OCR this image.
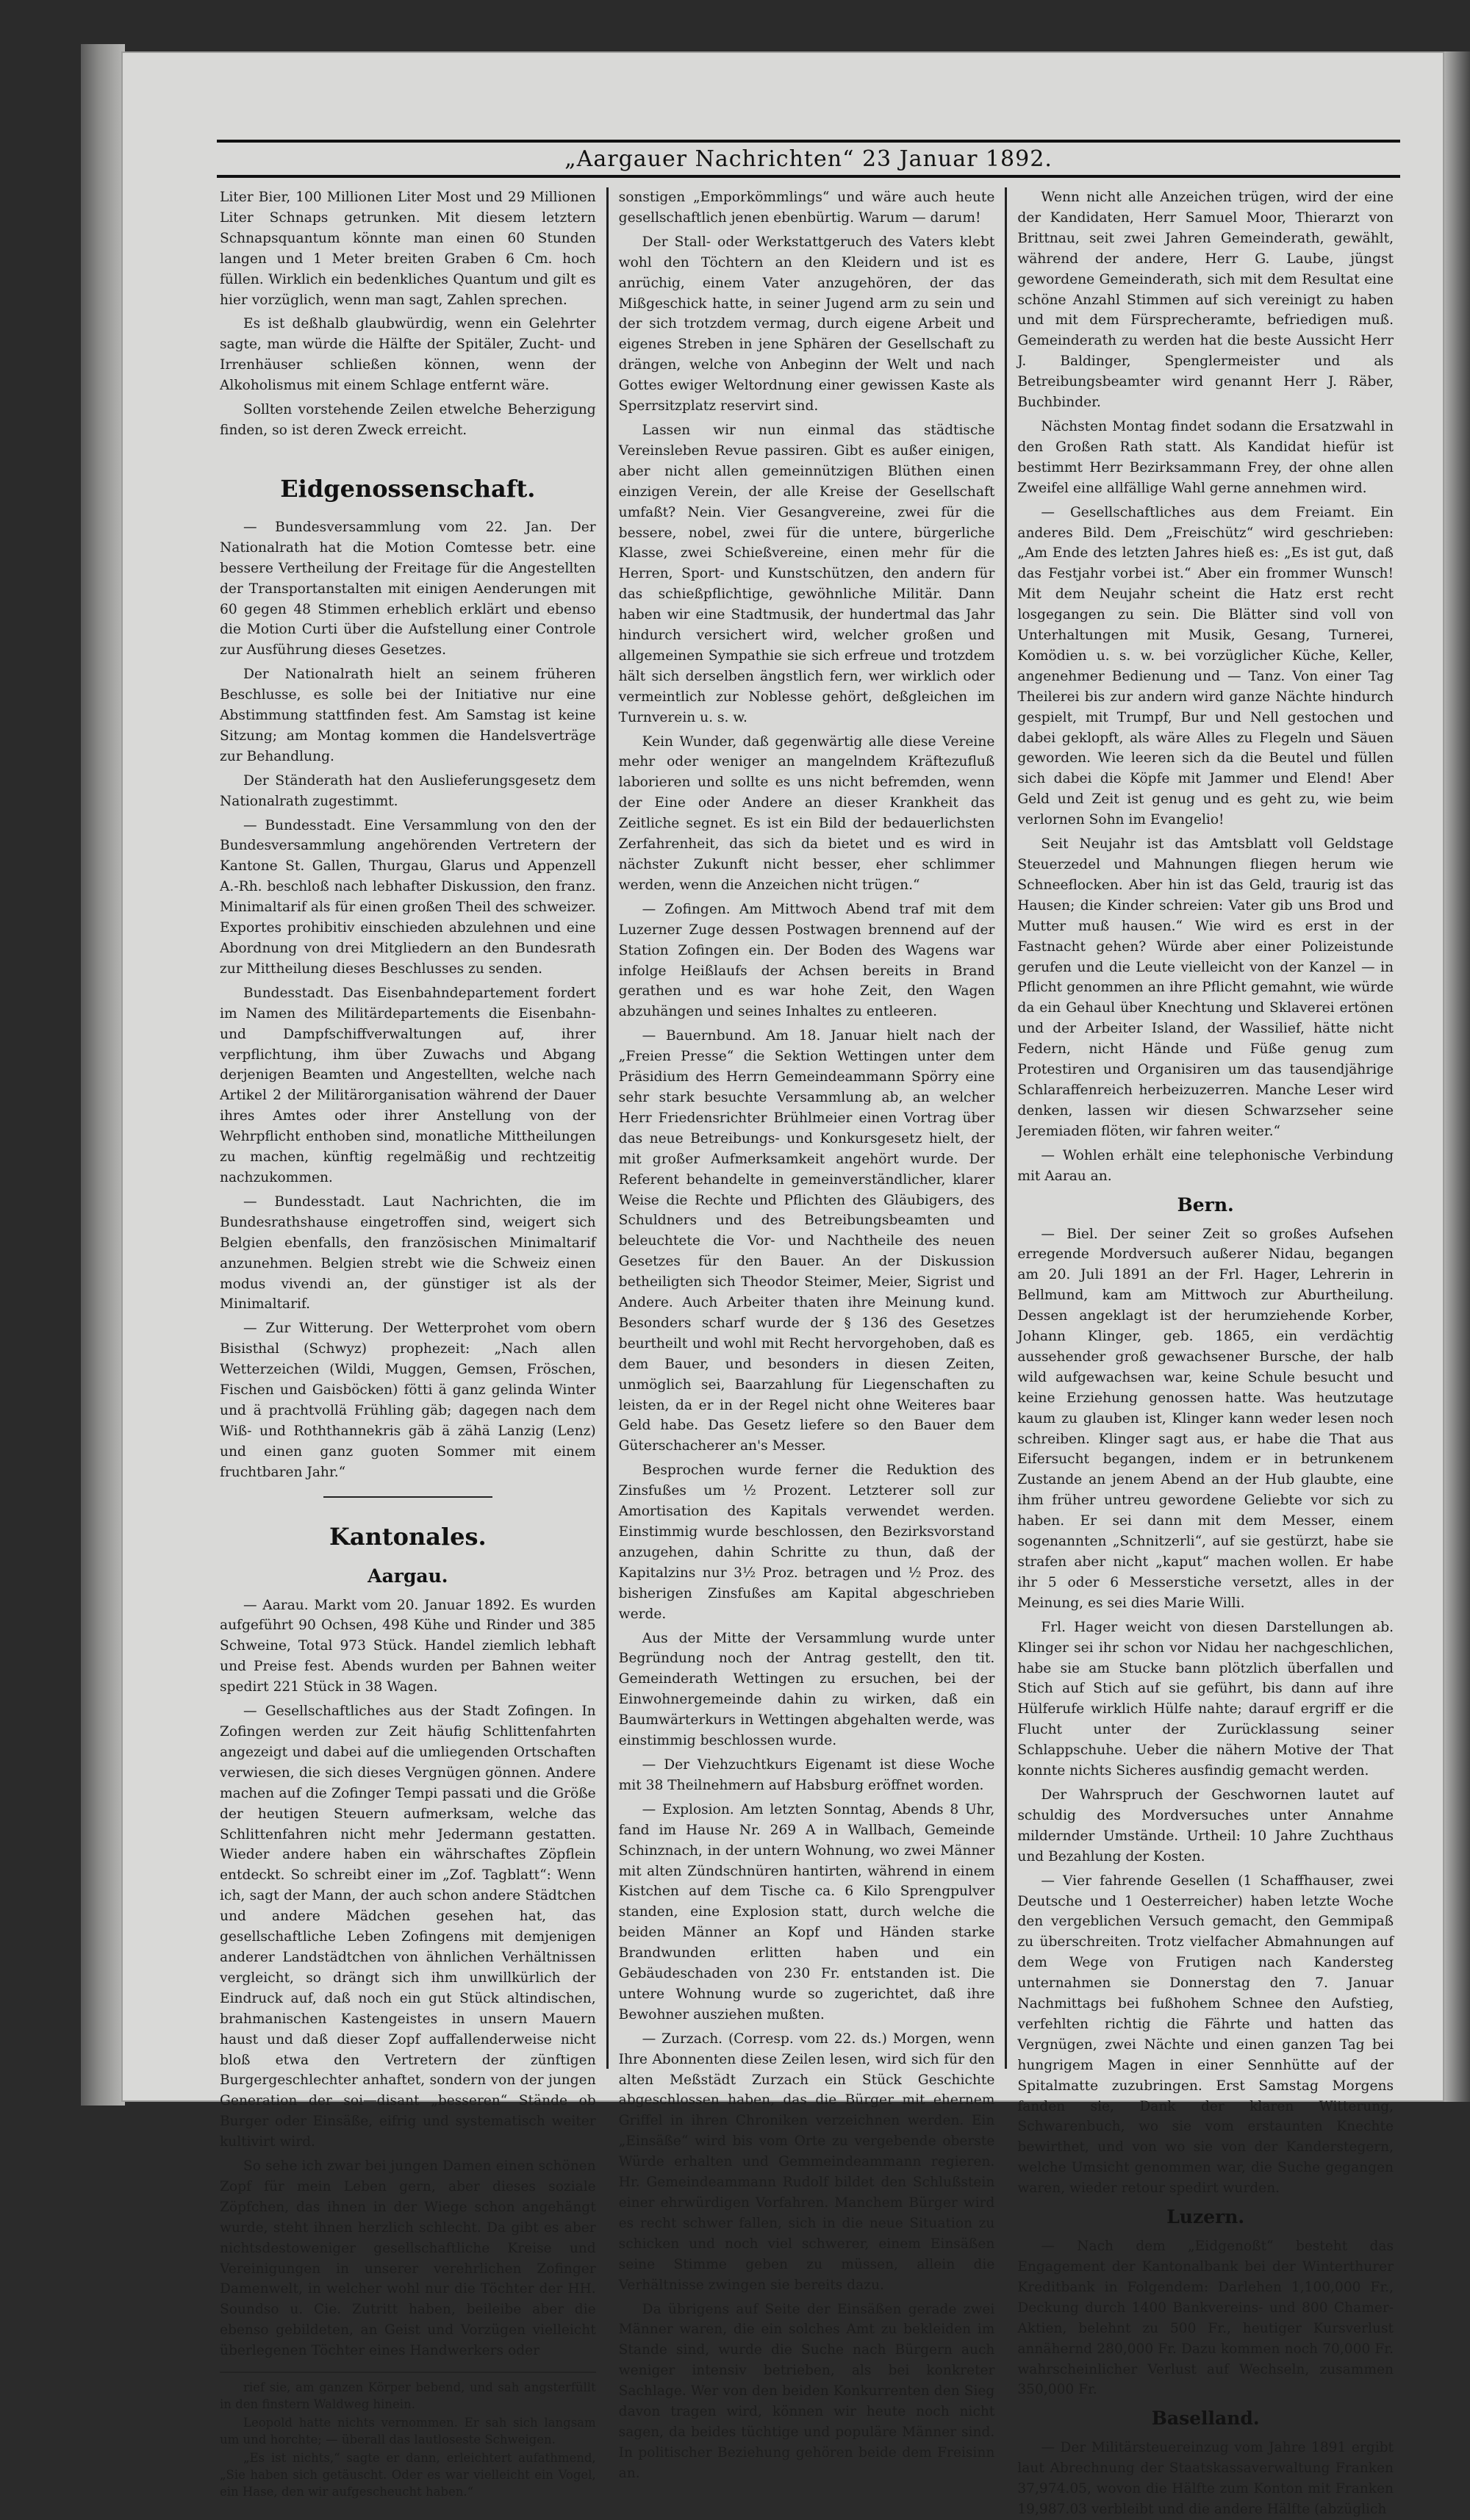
„Aargauer Nachrichten“ 23 Januar 1892.

Liter Bier, 100 Millionen Liter Most und 29 Millionen Liter Schnaps getrunken. Mit diesem letztern Schnapsquantum könnte man einen 60 Stunden langen und 1 Meter breiten Graben 6 Cm. hoch füllen. Wirklich ein bedenkliches Quantum und gilt es hier vorzüglich, wenn man sagt, Zahlen sprechen.

Es ist deßhalb glaubwürdig, wenn ein Gelehrter sagte, man würde die Hälfte der Spitäler, Zucht- und Irrenhäuser schließen können, wenn der Alkoholismus mit einem Schlage entfernt wäre.

Sollten vorstehende Zeilen etwelche Beherzigung finden, so ist deren Zweck erreicht.

Eidgenossenschaft.

— Bundesversammlung vom 22. Jan. Der Nationalrath hat die Motion Comtesse betr. eine bessere Vertheilung der Freitage für die Angestellten der Transportanstalten mit einigen Aenderungen mit 60 gegen 48 Stimmen erheblich erklärt und ebenso die Motion Curti über die Aufstellung einer Controle zur Ausführung dieses Gesetzes.

Der Nationalrath hielt an seinem früheren Beschlusse, es solle bei der Initiative nur eine Abstimmung stattfinden fest. Am Samstag ist keine Sitzung; am Montag kommen die Handelsverträge zur Behandlung.

Der Ständerath hat den Auslieferungsgesetz dem Nationalrath zugestimmt.

— Bundesstadt. Eine Versammlung von den der Bundesversammlung angehörenden Vertretern der Kantone St. Gallen, Thurgau, Glarus und Appenzell A.-Rh. beschloß nach lebhafter Diskussion, den franz. Minimaltarif als für einen großen Theil des schweizer. Exportes prohibitiv einschieden abzulehnen und eine Abordnung von drei Mitgliedern an den Bundesrath zur Mittheilung dieses Beschlusses zu senden.

Bundesstadt. Das Eisenbahndepartement fordert im Namen des Militärdepartements die Eisenbahn- und Dampfschiffverwaltungen auf, ihrer verpflichtung, ihm über Zuwachs und Abgang derjenigen Beamten und Angestellten, welche nach Artikel 2 der Militärorganisation während der Dauer ihres Amtes oder ihrer Anstellung von der Wehrpflicht enthoben sind, monatliche Mittheilungen zu machen, künftig regelmäßig und rechtzeitig nachzukommen.

— Bundesstadt. Laut Nachrichten, die im Bundesrathshause eingetroffen sind, weigert sich Belgien ebenfalls, den französischen Minimaltarif anzunehmen. Belgien strebt wie die Schweiz einen modus vivendi an, der günstiger ist als der Minimaltarif.

— Zur Witterung. Der Wetterprohet vom obern Bisisthal (Schwyz) prophezeit: „Nach allen Wetterzeichen (Wildi, Muggen, Gemsen, Fröschen, Fischen und Gaisböcken) fötti ä ganz gelinda Winter und ä prachtvollä Frühling gäb; dagegen nach dem Wiß- und Roththannekris gäb ä zähä Lanzig (Lenz) und einen ganz guoten Sommer mit einem fruchtbaren Jahr.“

Kantonales.
Aargau.

— Aarau. Markt vom 20. Januar 1892. Es wurden aufgeführt 90 Ochsen, 498 Kühe und Rinder und 385 Schweine, Total 973 Stück. Handel ziemlich lebhaft und Preise fest. Abends wurden per Bahnen weiter spedirt 221 Stück in 38 Wagen.

— Gesellschaftliches aus der Stadt Zofingen. In Zofingen werden zur Zeit häufig Schlittenfahrten angezeigt und dabei auf die umliegenden Ortschaften verwiesen, die sich dieses Vergnügen gönnen. Andere machen auf die Zofinger Tempi passati und die Größe der heutigen Steuern aufmerksam, welche das Schlittenfahren nicht mehr Jedermann gestatten. Wieder andere haben ein währschaftes Zöpflein entdeckt. So schreibt einer im „Zof. Tagblatt“: Wenn ich, sagt der Mann, der auch schon andere Städtchen und andere Mädchen gesehen hat, das gesellschaftliche Leben Zofingens mit demjenigen anderer Landstädtchen von ähnlichen Verhältnissen vergleicht, so drängt sich ihm unwillkürlich der Eindruck auf, daß noch ein gut Stück altindischen, brahmanischen Kastengeistes in unsern Mauern haust und daß dieser Zopf auffallenderweise nicht bloß etwa den Vertretern der zünftigen Burgergeschlechter anhaftet, sondern von der jungen Generation der soi—disant „besseren“ Stände ob Burger oder Einsäße, eifrig und systematisch weiter kultivirt wird.

So sehe ich zwar bei jungen Damen einen schönen Zopf für mein Leben gern, aber dieses soziale Zöpfchen, das ihnen in der Wiege schon angehängt wurde, steht ihnen herzlich schlecht. Da gibt es aber nichtsdestoweniger gesellschaftliche Kreise und Vereinigungen in unserer verehrlichen Zofinger Damenwelt, in welcher wohl nur die Töchter der HH. Soundso u. Cie. Zutritt haben, beileibe aber die ebenso gebildeten, an Geist und Vorzügen vielleicht überlegenen Töchter eines Handwerkers oder

rief sie, am ganzen Körper bebend, und sah angsterfüllt in den finstern Waldweg hinein.

Leopold hatte nichts vernommen. Er sah sich langsam um und horchte; — überall das lautloseste Schweigen.

„Es ist nichts,“ sagte er dann, erleichtert aufathmend, „Sie haben sich getäuscht. Oder es war vielleicht ein Vogel, ein Hase, den wir aufgescheucht haben.“

sonstigen „Emporkömmlings“ und wäre auch heute gesellschaftlich jenen ebenbürtig. Warum — darum!

Der Stall- oder Werkstattgeruch des Vaters klebt wohl den Töchtern an den Kleidern und ist es anrüchig, einem Vater anzugehören, der das Mißgeschick hatte, in seiner Jugend arm zu sein und der sich trotzdem vermag, durch eigene Arbeit und eigenes Streben in jene Sphären der Gesellschaft zu drängen, welche von Anbeginn der Welt und nach Gottes ewiger Weltordnung einer gewissen Kaste als Sperrsitzplatz reservirt sind.

Lassen wir nun einmal das städtische Vereinsleben Revue passiren. Gibt es außer einigen, aber nicht allen gemeinnützigen Blüthen einen einzigen Verein, der alle Kreise der Gesellschaft umfaßt? Nein. Vier Gesangvereine, zwei für die bessere, nobel, zwei für die untere, bürgerliche Klasse, zwei Schießvereine, einen mehr für die Herren, Sport- und Kunstschützen, den andern für das schießpflichtige, gewöhnliche Militär. Dann haben wir eine Stadtmusik, der hundertmal das Jahr hindurch versichert wird, welcher großen und allgemeinen Sympathie sie sich erfreue und trotzdem hält sich derselben ängstlich fern, wer wirklich oder vermeintlich zur Noblesse gehört, deßgleichen im Turnverein u. s. w.

Kein Wunder, daß gegenwärtig alle diese Vereine mehr oder weniger an mangelndem Kräftezufluß laborieren und sollte es uns nicht befremden, wenn der Eine oder Andere an dieser Krankheit das Zeitliche segnet. Es ist ein Bild der bedauerlichsten Zerfahrenheit, das sich da bietet und es wird in nächster Zukunft nicht besser, eher schlimmer werden, wenn die Anzeichen nicht trügen.“

— Zofingen. Am Mittwoch Abend traf mit dem Luzerner Zuge dessen Postwagen brennend auf der Station Zofingen ein. Der Boden des Wagens war infolge Heißlaufs der Achsen bereits in Brand gerathen und es war hohe Zeit, den Wagen abzuhängen und seines Inhaltes zu entleeren.

— Bauernbund. Am 18. Januar hielt nach der „Freien Presse“ die Sektion Wettingen unter dem Präsidium des Herrn Gemeindeammann Spörry eine sehr stark besuchte Versammlung ab, an welcher Herr Friedensrichter Brühlmeier einen Vortrag über das neue Betreibungs- und Konkursgesetz hielt, der mit großer Aufmerksamkeit angehört wurde. Der Referent behandelte in gemeinverständlicher, klarer Weise die Rechte und Pflichten des Gläubigers, des Schuldners und des Betreibungsbeamten und beleuchtete die Vor- und Nachtheile des neuen Gesetzes für den Bauer. An der Diskussion betheiligten sich Theodor Steimer, Meier, Sigrist und Andere. Auch Arbeiter thaten ihre Meinung kund. Besonders scharf wurde der § 136 des Gesetzes beurtheilt und wohl mit Recht hervorgehoben, daß es dem Bauer, und besonders in diesen Zeiten, unmöglich sei, Baarzahlung für Liegenschaften zu leisten, da er in der Regel nicht ohne Weiteres baar Geld habe. Das Gesetz liefere so den Bauer dem Güterschacherer an's Messer.

Besprochen wurde ferner die Reduktion des Zinsfußes um ½ Prozent. Letzterer soll zur Amortisation des Kapitals verwendet werden. Einstimmig wurde beschlossen, den Bezirksvorstand anzugehen, dahin Schritte zu thun, daß der Kapitalzins nur 3½ Proz. betragen und ½ Proz. des bisherigen Zinsfußes am Kapital abgeschrieben werde.

Aus der Mitte der Versammlung wurde unter Begründung noch der Antrag gestellt, den tit. Gemeinderath Wettingen zu ersuchen, bei der Einwohnergemeinde dahin zu wirken, daß ein Baumwärterkurs in Wettingen abgehalten werde, was einstimmig beschlossen wurde.

— Der Viehzuchtkurs Eigenamt ist diese Woche mit 38 Theilnehmern auf Habsburg eröffnet worden.

— Explosion. Am letzten Sonntag, Abends 8 Uhr, fand im Hause Nr. 269 A in Wallbach, Gemeinde Schinznach, in der untern Wohnung, wo zwei Männer mit alten Zündschnüren hantirten, während in einem Kistchen auf dem Tische ca. 6 Kilo Sprengpulver standen, eine Explosion statt, durch welche die beiden Männer an Kopf und Händen starke Brandwunden erlitten haben und ein Gebäudeschaden von 230 Fr. entstanden ist. Die untere Wohnung wurde so zugerichtet, daß ihre Bewohner ausziehen mußten.

— Zurzach. (Corresp. vom 22. ds.) Morgen, wenn Ihre Abonnenten diese Zeilen lesen, wird sich für den alten Meßstädt Zurzach ein Stück Geschichte abgeschlossen haben, das die Bürger mit ehernem Griffel in ihren Chroniken verzeichnen werden. Ein „Einsäße“ wird bis vom Orte zu vergebende oberste Würde erhalten und Gemmeindeammann regieren. Hr. Gemeindeammann Rudolf bildet den Schlußstein einer ehrwürdigen Vorfahren. Manchem Bürger wird es recht schwer fallen, sich in die neue Situation zu schicken und noch viel schwerer, einem Einsäßen seine Stimme geben zu müssen, allein die Verhältnisse zwingen sie bereits dazu.

Da übrigens auf Seite der Einsäßen gerade zwei Männer waren, die ein solches Amt zu bekleiden im Stande sind, wurde die Suche nach Bürgern auch weniger intensiv betrieben, als bei konkreter Sachlage. Wer von den beiden Konkurrenten den Sieg davon tragen wird, können wir heute noch nicht sagen, da beides tüchtige und populäre Männer sind. In politischer Beziehung gehören beide dem Freisinn an.

Wenn nicht alle Anzeichen trügen, wird der eine der Kandidaten, Herr Samuel Moor, Thierarzt von Brittnau, seit zwei Jahren Gemeinderath, gewählt, während der andere, Herr G. Laube, jüngst gewordene Gemeinderath, sich mit dem Resultat eine schöne Anzahl Stimmen auf sich vereinigt zu haben und mit dem Fürsprecheramte, befriedigen muß. Gemeinderath zu werden hat die beste Aussicht Herr J. Baldinger, Spenglermeister und als Betreibungsbeamter wird genannt Herr J. Räber, Buchbinder.

Nächsten Montag findet sodann die Ersatzwahl in den Großen Rath statt. Als Kandidat hiefür ist bestimmt Herr Bezirksammann Frey, der ohne allen Zweifel eine allfällige Wahl gerne annehmen wird.

— Gesellschaftliches aus dem Freiamt. Ein anderes Bild. Dem „Freischütz“ wird geschrieben: „Am Ende des letzten Jahres hieß es: „Es ist gut, daß das Festjahr vorbei ist.“ Aber ein frommer Wunsch! Mit dem Neujahr scheint die Hatz erst recht losgegangen zu sein. Die Blätter sind voll von Unterhaltungen mit Musik, Gesang, Turnerei, Komödien u. s. w. bei vorzüglicher Küche, Keller, angenehmer Bedienung und — Tanz. Von einer Tag Theilerei bis zur andern wird ganze Nächte hindurch gespielt, mit Trumpf, Bur und Nell gestochen und dabei geklopft, als wäre Alles zu Flegeln und Säuen geworden. Wie leeren sich da die Beutel und füllen sich dabei die Köpfe mit Jammer und Elend! Aber Geld und Zeit ist genug und es geht zu, wie beim verlornen Sohn im Evangelio!

Seit Neujahr ist das Amtsblatt voll Geldstage Steuerzedel und Mahnungen fliegen herum wie Schneeflocken. Aber hin ist das Geld, traurig ist das Hausen; die Kinder schreien: Vater gib uns Brod und Mutter muß hausen.“ Wie wird es erst in der Fastnacht gehen? Würde aber einer Polizeistunde gerufen und die Leute vielleicht von der Kanzel — in Pflicht genommen an ihre Pflicht gemahnt, wie würde da ein Gehaul über Knechtung und Sklaverei ertönen und der Arbeiter Island, der Wassilief, hätte nicht Federn, nicht Hände und Füße genug zum Protestiren und Organisiren um das tausendjährige Schlaraffenreich herbeizuzerren. Manche Leser wird denken, lassen wir diesen Schwarzseher seine Jeremiaden flöten, wir fahren weiter.“

— Wohlen erhält eine telephonische Verbindung mit Aarau an.

Bern.

— Biel. Der seiner Zeit so großes Aufsehen erregende Mordversuch außerer Nidau, begangen am 20. Juli 1891 an der Frl. Hager, Lehrerin in Bellmund, kam am Mittwoch zur Aburtheilung. Dessen angeklagt ist der herumziehende Korber, Johann Klinger, geb. 1865, ein verdächtig aussehender groß gewachsener Bursche, der halb wild aufgewachsen war, keine Schule besucht und keine Erziehung genossen hatte. Was heutzutage kaum zu glauben ist, Klinger kann weder lesen noch schreiben. Klinger sagt aus, er habe die That aus Eifersucht begangen, indem er in betrunkenem Zustande an jenem Abend an der Hub glaubte, eine ihm früher untreu gewordene Geliebte vor sich zu haben. Er sei dann mit dem Messer, einem sogenannten „Schnitzerli“, auf sie gestürzt, habe sie strafen aber nicht „kaput“ machen wollen. Er habe ihr 5 oder 6 Messerstiche versetzt, alles in der Meinung, es sei dies Marie Willi.

Frl. Hager weicht von diesen Darstellungen ab. Klinger sei ihr schon vor Nidau her nachgeschlichen, habe sie am Stucke bann plötzlich überfallen und Stich auf Stich auf sie geführt, bis dann auf ihre Hülferufe wirklich Hülfe nahte; darauf ergriff er die Flucht unter der Zurücklassung seiner Schlappschuhe. Ueber die nähern Motive der That konnte nichts Sicheres ausfindig gemacht werden.

Der Wahrspruch der Geschwornen lautet auf schuldig des Mordversuches unter Annahme mildernder Umstände. Urtheil: 10 Jahre Zuchthaus und Bezahlung der Kosten.

— Vier fahrende Gesellen (1 Schaffhauser, zwei Deutsche und 1 Oesterreicher) haben letzte Woche den vergeblichen Versuch gemacht, den Gemmipaß zu überschreiten. Trotz vielfacher Abmahnungen auf dem Wege von Frutigen nach Kandersteg unternahmen sie Donnerstag den 7. Januar Nachmittags bei fußhohem Schnee den Aufstieg, verfehlten richtig die Fährte und hatten das Vergnügen, zwei Nächte und einen ganzen Tag bei hungrigem Magen in einer Sennhütte auf der Spitalmatte zuzubringen. Erst Samstag Morgens fanden sie, Dank der klaren Witterung, Schwarenbuch, wo sie vom erstaunten Knechte bewirthet, und von wo sie von der Kanderstegern, welche Umsicht genommen war, die Suche gegangen waren, wieder retour spedirt wurden.

Luzern.

— Nach dem „Eidgenoßt“ besteht das Engagement der Kantonalbank bei der Winterthurer Kreditbank in Folgendem: Darlehen 1,100,000 Fr., Deckung durch 1400 Bankvereins- und 800 Chamer-Aktien, belehnt zu 500 Fr., heutiger Kursverlust annähernd 280,000 Fr. Dazu kommen noch 70,000 Fr. wahrscheinlicher Verlust auf Wechseln, zusammen 350,000 Fr.

Baselland.

— Der Militärsteuereinzug vom Jahre 1891 ergibt laut Abrechnung der Staatskassaverwaltung Franken 37,974.05, wovon die Hälfte zum Konton mit Franken 19,987.03 verbleibt und die andere Hälfte (abzüglich
